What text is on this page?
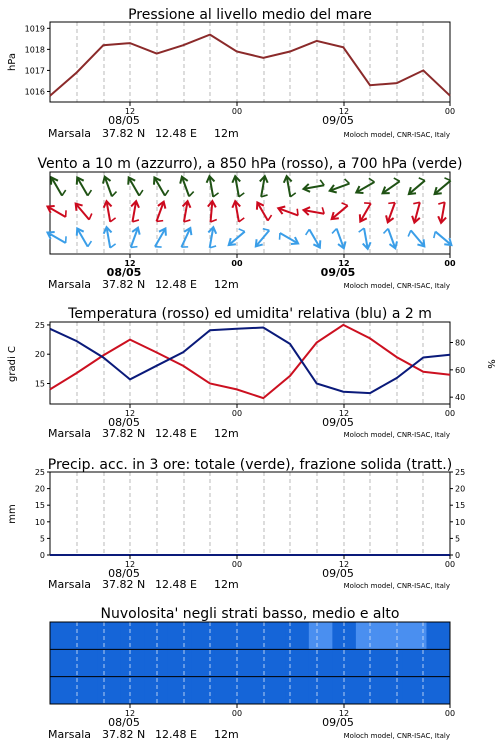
Pressione al livello medio del mare
1016
1017
1018
1019
hPa
12	00	12	00
08/05	09/05
Marsala 37.82 N 12.48 E 12m	Moloch model, CNR-ISAC, Italy
Vento a 10 m (azzurro), a 850 hPa (rosso), a 700 hPa (verde)
12	00	12	00
08/05	09/05
Marsala 37.82 N 12.48 E 12m	Moloch model, CNR-ISAC, Italy
Temperatura (rosso) ed umidita' relativa (blu) a 2 m
15
20
25
40
60
80
gradi C	%
12	00	12	00
08/05	09/05
Marsala 37.82 N 12.48 E 12m	Moloch model, CNR-ISAC, Italy
Precip. acc. in 3 ore: totale (verde), frazione solida (tratt.)
0
5
10
15
20
25
0
5
10
15
20
25
mm
12	00	12	00
08/05	09/05
Marsala 37.82 N 12.48 E 12m	Moloch model, CNR-ISAC, Italy
Nuvolosita' negli strati basso, medio e alto
12	00	12	00
08/05	09/05
Marsala 37.82 N 12.48 E 12m	Moloch model, CNR-ISAC, Italy
